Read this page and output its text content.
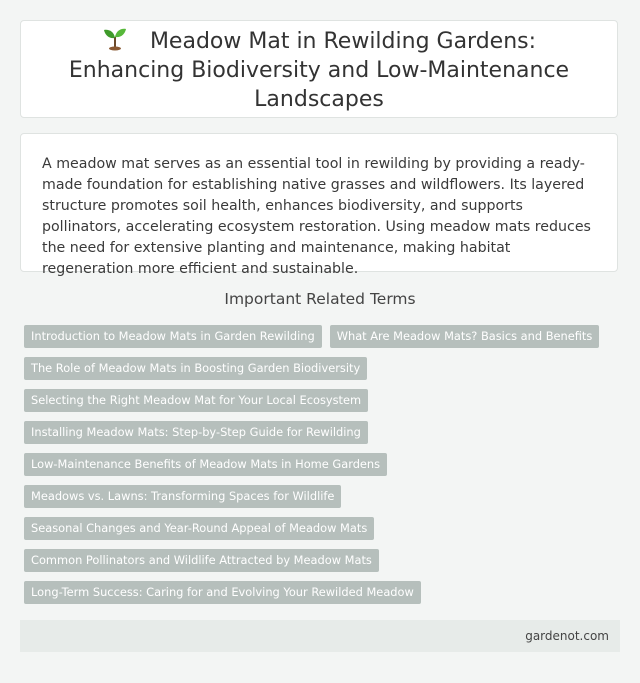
Meadow Mat in Rewilding Gardens: Enhancing Biodiversity and Low-Maintenance Landscapes

A meadow mat serves as an essential tool in rewilding by providing a ready-made foundation for establishing native grasses and wildflowers. Its layered structure promotes soil health, enhances biodiversity, and supports pollinators, accelerating ecosystem restoration. Using meadow mats reduces the need for extensive planting and maintenance, making habitat regeneration more efficient and sustainable.

Important Related Terms
Introduction to Meadow Mats in Garden Rewilding	What Are Meadow Mats? Basics and Benefits
The Role of Meadow Mats in Boosting Garden Biodiversity
Selecting the Right Meadow Mat for Your Local Ecosystem
Installing Meadow Mats: Step-by-Step Guide for Rewilding
Low-Maintenance Benefits of Meadow Mats in Home Gardens
Meadows vs. Lawns: Transforming Spaces for Wildlife
Seasonal Changes and Year-Round Appeal of Meadow Mats
Common Pollinators and Wildlife Attracted by Meadow Mats
Long-Term Success: Caring for and Evolving Your Rewilded Meadow
gardenot.com
